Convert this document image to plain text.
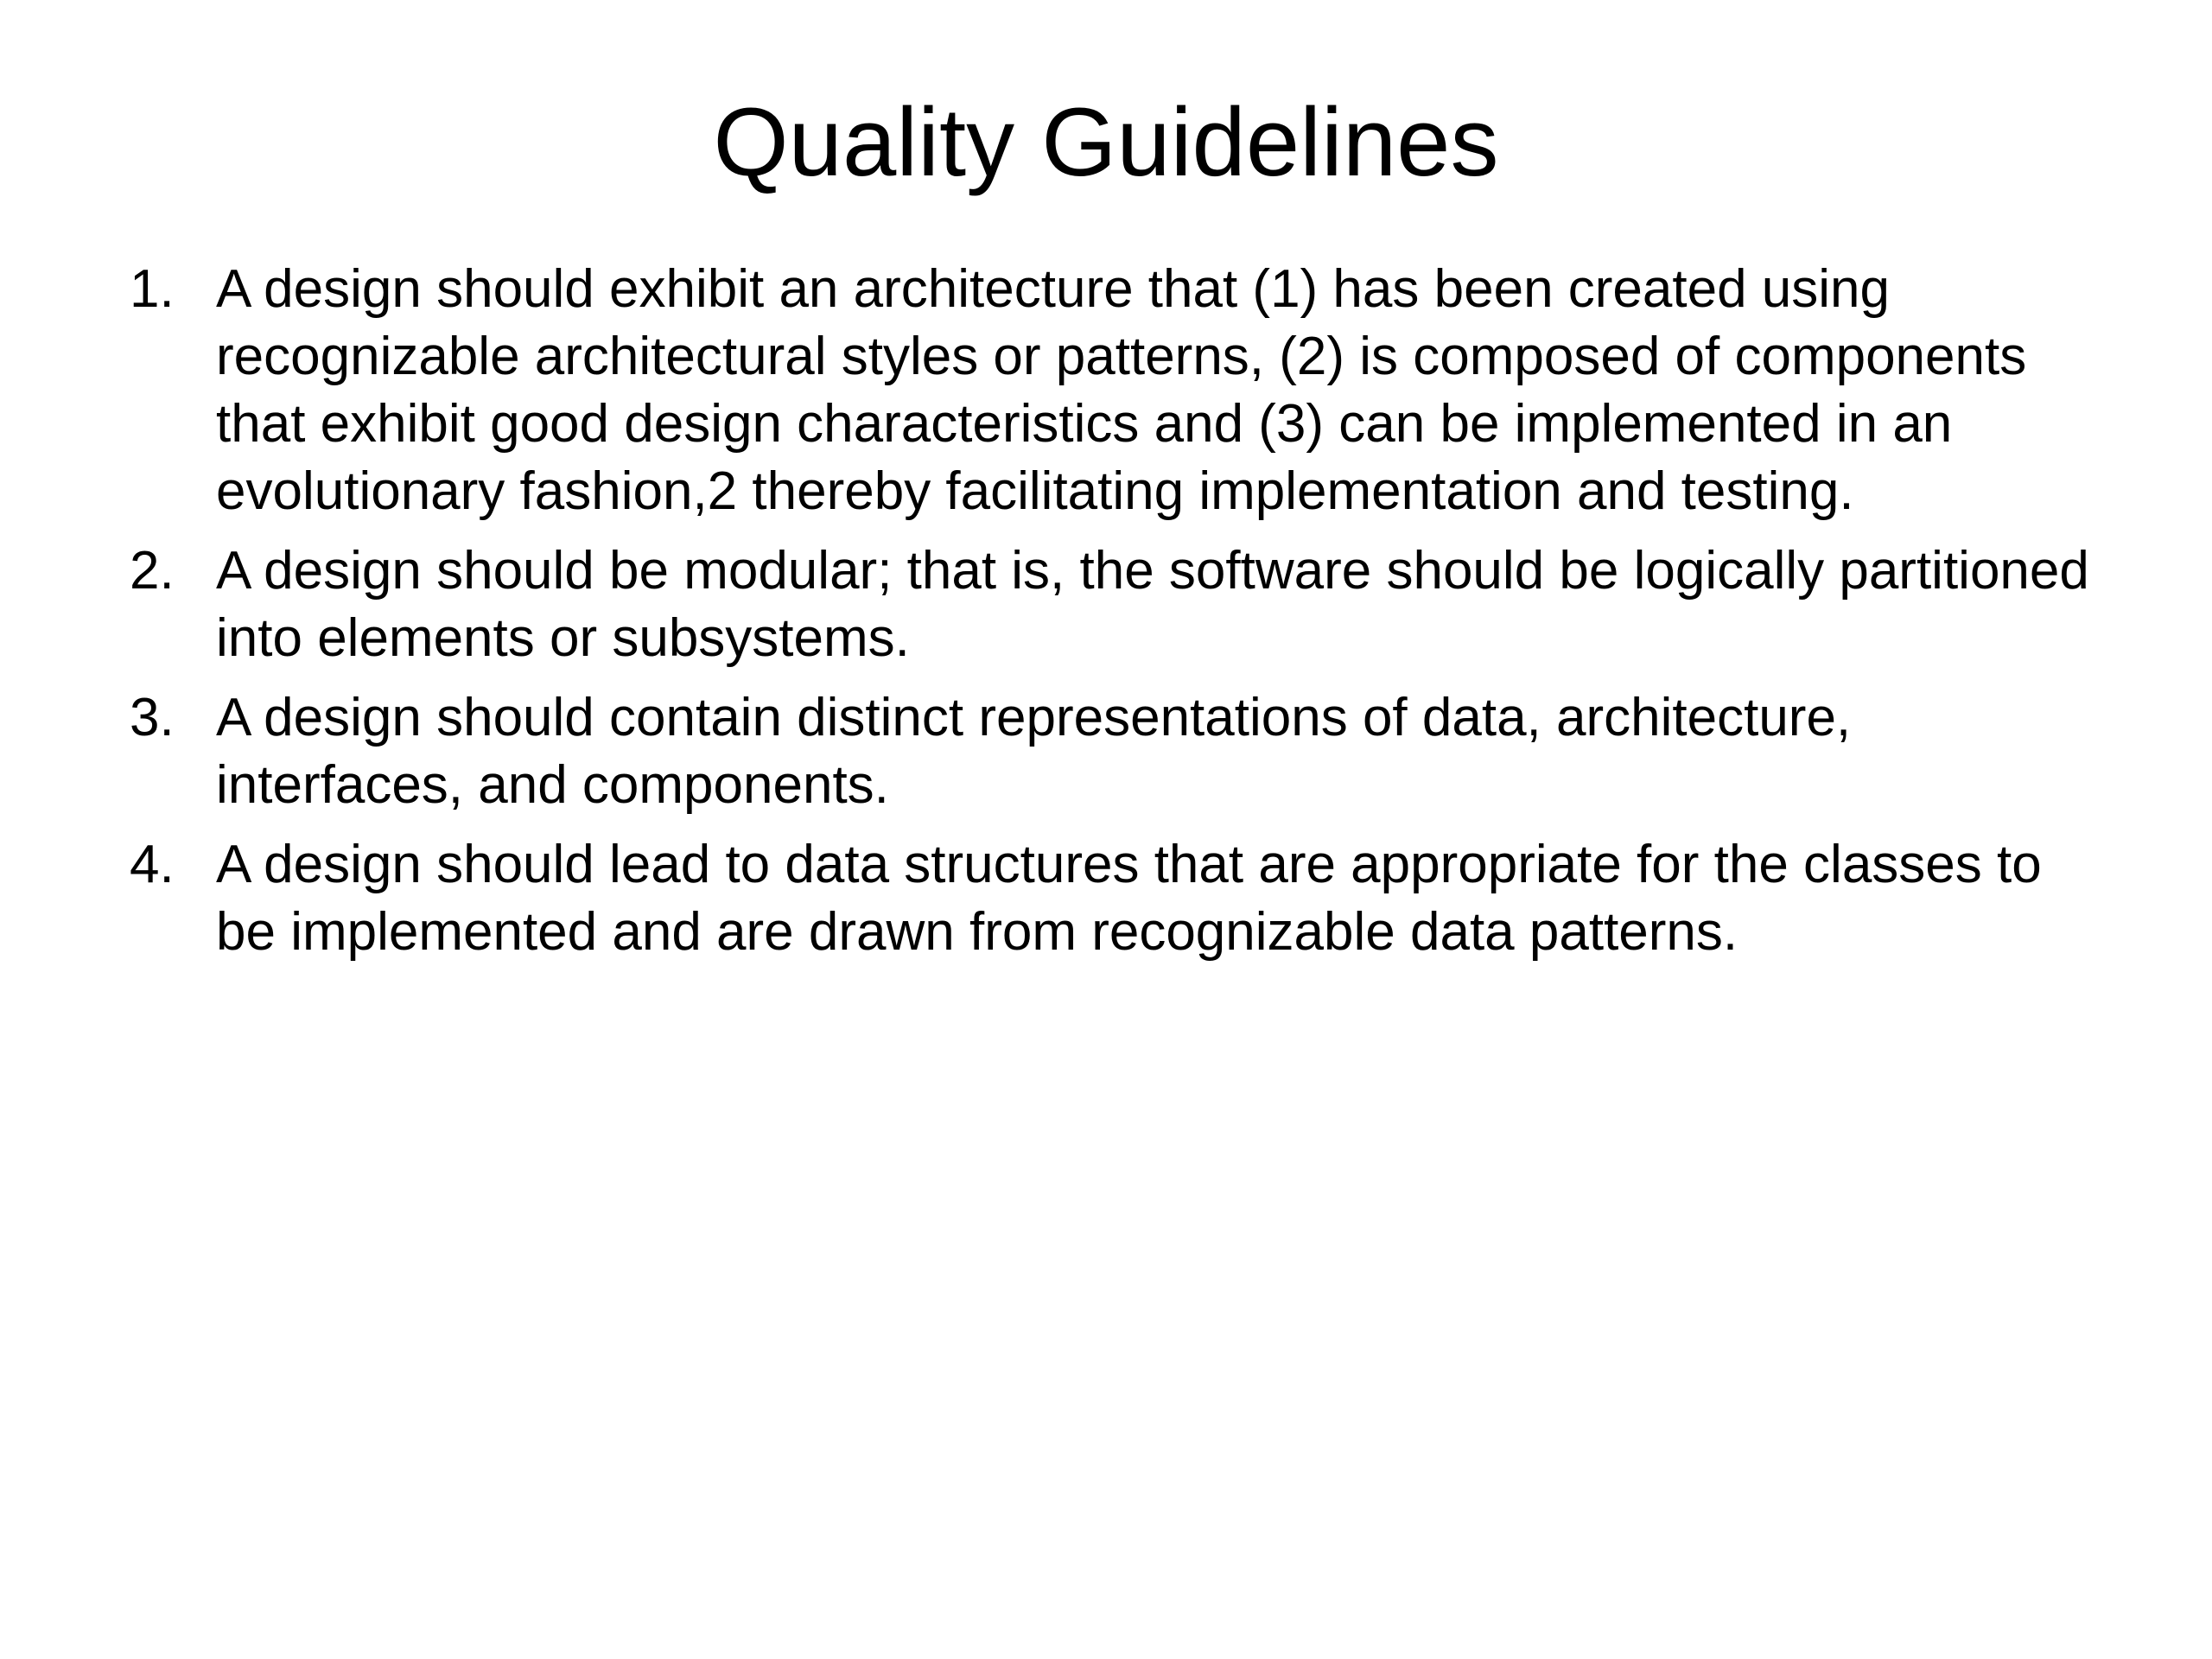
Quality Guidelines
1. A design should exhibit an architecture that (1) has been created using recognizable architectural styles or patterns, (2) is composed of components that exhibit good design characteristics and (3) can be implemented in an evolutionary fashion,2 thereby facilitating implementation and testing.
2. A design should be modular; that is, the software should be logically partitioned into elements or subsystems.
3. A design should contain distinct representations of data, architecture, interfaces, and components.
4. A design should lead to data structures that are appropriate for the classes to be implemented and are drawn from recognizable data patterns.
